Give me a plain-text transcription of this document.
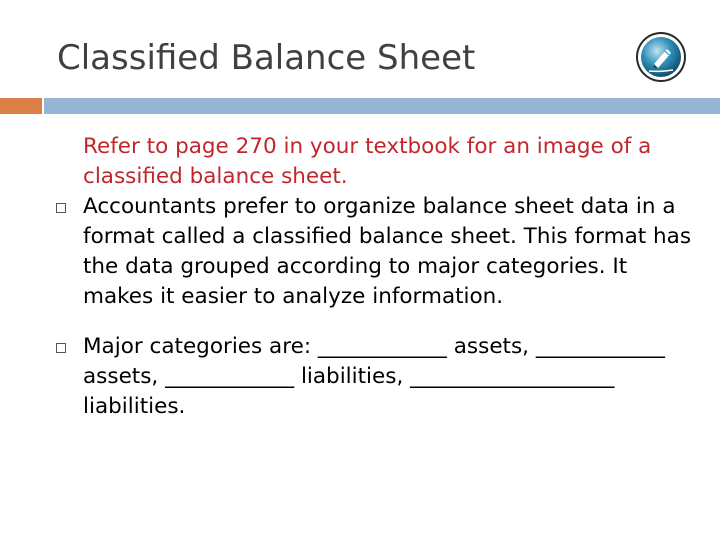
Classified Balance Sheet

Refer to page 270 in your textbook for an image of a classified balance sheet.

Accountants prefer to organize balance sheet data in a format called a classified balance sheet. This format has the data grouped according to major categories. It makes it easier to analyze information.

Major categories are: ____________ assets, ____________ assets, ____________ liabilities, ___________________ liabilities.
